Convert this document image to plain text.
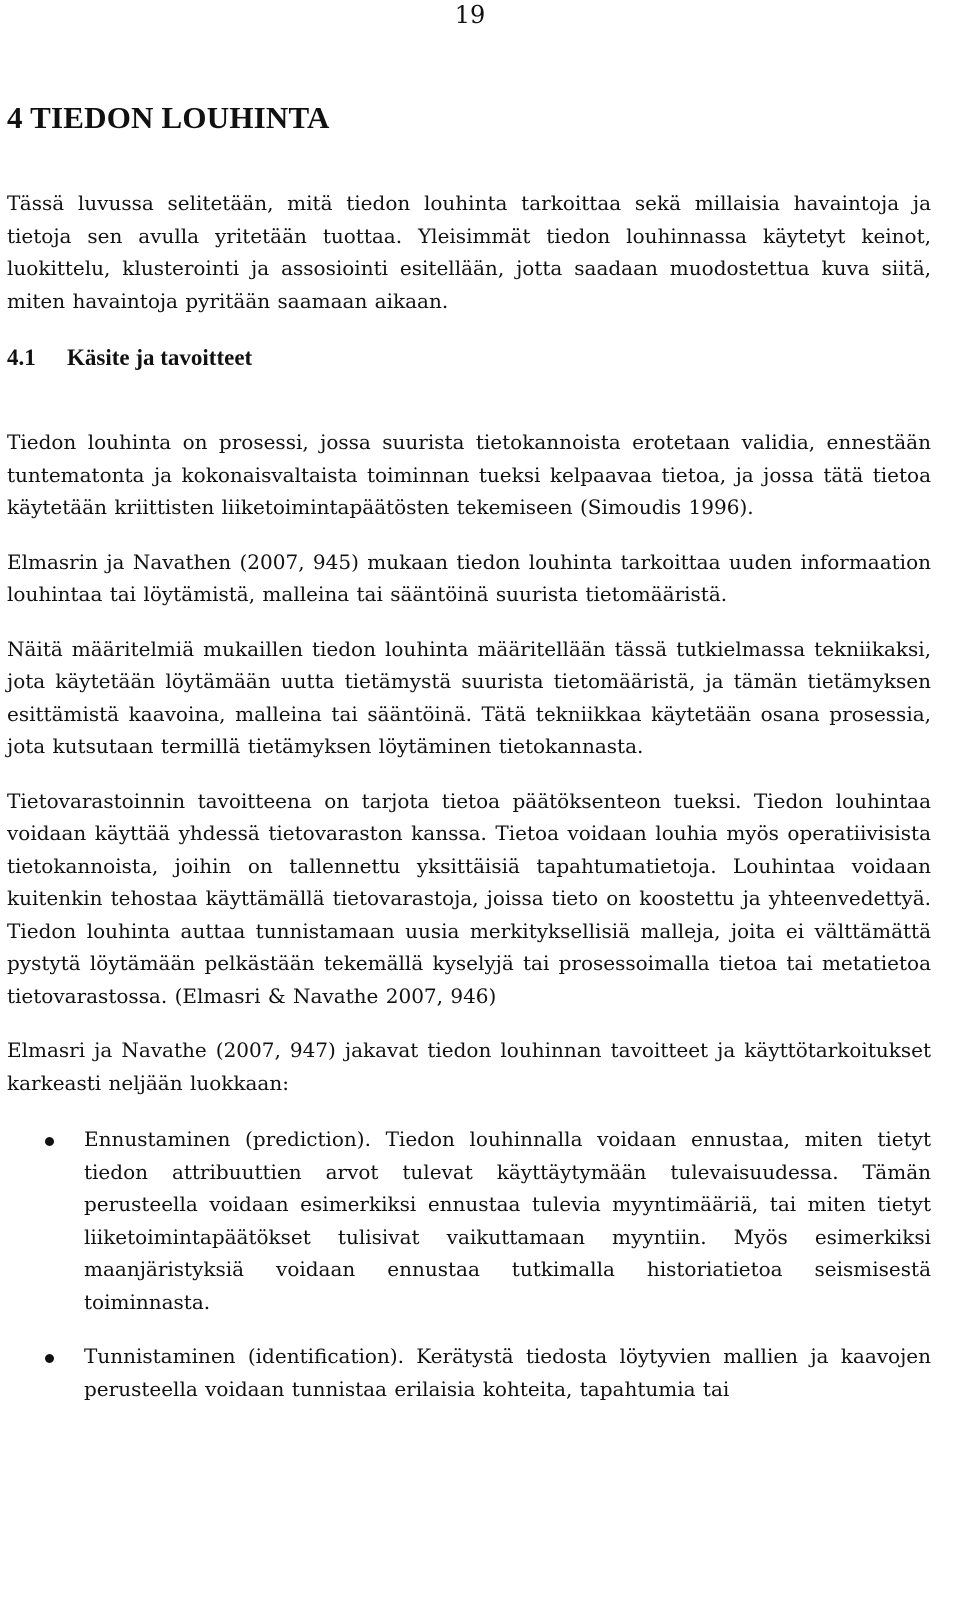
19
4 TIEDON LOUHINTA

Tässä luvussa selitetään, mitä tiedon louhinta tarkoittaa sekä millaisia havaintoja ja tietoja sen avulla yritetään tuottaa. Yleisimmät tiedon louhinnassa käytetyt keinot, luokittelu, klusterointi ja assosiointi esitellään, jotta saadaan muodostettua kuva siitä, miten havaintoja pyritään saamaan aikaan.

4.1 Käsite ja tavoitteet

Tiedon louhinta on prosessi, jossa suurista tietokannoista erotetaan validia, ennestään tuntematonta ja kokonaisvaltaista toiminnan tueksi kelpaavaa tietoa, ja jossa tätä tietoa käytetään kriittisten liiketoimintapäätösten tekemiseen (Simoudis 1996).

Elmasrin ja Navathen (2007, 945) mukaan tiedon louhinta tarkoittaa uuden informaation louhintaa tai löytämistä, malleina tai sääntöinä suurista tietomääristä.

Näitä määritelmiä mukaillen tiedon louhinta määritellään tässä tutkielmassa tekniikaksi, jota käytetään löytämään uutta tietämystä suurista tietomääristä, ja tämän tietämyksen esittämistä kaavoina, malleina tai sääntöinä. Tätä tekniikkaa käytetään osana prosessia, jota kutsutaan termillä tietämyksen löytäminen tietokannasta.

Tietovarastoinnin tavoitteena on tarjota tietoa päätöksenteon tueksi. Tiedon louhintaa voidaan käyttää yhdessä tietovaraston kanssa. Tietoa voidaan louhia myös operatiivisista tietokannoista, joihin on tallennettu yksittäisiä tapahtumatietoja. Louhintaa voidaan kuitenkin tehostaa käyttämällä tietovarastoja, joissa tieto on koostettu ja yhteenvedettyä. Tiedon louhinta auttaa tunnistamaan uusia merkityksellisiä malleja, joita ei välttämättä pystytä löytämään pelkästään tekemällä kyselyjä tai prosessoimalla tietoa tai metatietoa tietovarastossa. (Elmasri & Navathe 2007, 946)

Elmasri ja Navathe (2007, 947) jakavat tiedon louhinnan tavoitteet ja käyttötarkoitukset karkeasti neljään luokkaan:

Ennustaminen (prediction). Tiedon louhinnalla voidaan ennustaa, miten tietyt tiedon attribuuttien arvot tulevat käyttäytymään tulevaisuudessa. Tämän perusteella voidaan esimerkiksi ennustaa tulevia myyntimääriä, tai miten tietyt liiketoimintapäätökset tulisivat vaikuttamaan myyntiin. Myös esimerkiksi maanjäristyksiä voidaan ennustaa tutkimalla historiatietoa seismisestä toiminnasta.

Tunnistaminen (identification). Kerätystä tiedosta löytyvien mallien ja kaavojen perusteella voidaan tunnistaa erilaisia kohteita, tapahtumia tai
